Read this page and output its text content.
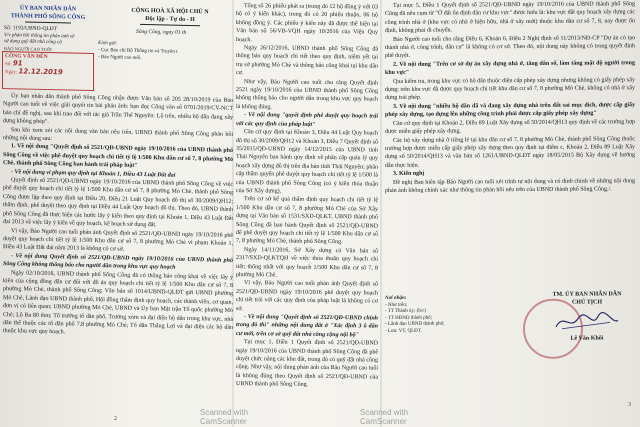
ỦY BAN NHÂN DÂN
THÀNH PHỐ SÔNG CÔNG
CỘNG HOÀ XÃ HỘI CHỦ N
Độc lập - Tự do - H
Số: 1193/UBND-QLĐT
V/v phản hồi thông tin phản ánh về
sử dụng quỹ đất nhà công cộ
Sông Công, ngày 01 th
Kính gửi:
- Cục Báo chí Bộ Thông tin và Truyền t
- Báo Người cao tuổi.
BẢO NGƯỜI CAO TUỔI
CÔNG VĂN ĐẾN
Số: 91
Ngày: 12.12.2019

Ủy ban nhân dân thành phố Sông Công nhận được Văn bản số 205 28/10/2019 của Báo Người cao tuổi về việc giải quyết tin bài phản ánh: bạn đọc Công văn số 0701/2019/CV-NCT báo chí đề nghị, sau khi trao đổi với tác giả Trần Thế Nguyên: Lộ trên, nhiều hộ dân đang xây dựng không phép".

Sau khi xem xét các nội dung văn bản nêu trên, UBND thành phố Sông Công phản hồi những nội dung sau:

1. Về nội dung "Quyết định số 2521/QĐ-UBND ngày 19/10/2016 của UBND thành phố Sông Công về việc phê duyệt quy hoạch chi tiết tỷ lệ 1/500 Khu dân cư số 7, 8 phường Mỏ Chè, thành phố Sông Công ban hành trái pháp luật"

- Về nội dung vi phạm quy định tại Khoản 1, Điều 43 Luật Đất đai

Quyết định số 2521/QĐ-UBND ngày 19/10/2016 của UBND thành phố Sông Công về việc phê duyệt quy hoạch chi tiết tỷ lệ 1/500 Khu dân cư số 7, 8 phường Mỏ Chè, thành phố Sông Công được lập theo quy định tại Điều 20, Điều 21 Luật Quy hoạch đô thị số 30/2009/QH12; thẩm định, phê duyệt theo quy định tại Điều 44 Luật Quy hoạch đô thị. Theo đó, UBND thành phố Sông Công đã thực hiện các bước lấy ý kiến theo quy định tại Khoản 1, Điều 43 Luật Đất đai 2013 về việc lấy ý kiến về quy hoạch, kế hoạch sử dụng đất.

Vì vậy, Báo Người cao tuổi phản ánh Quyết định số 2521/QĐ-UBND ngày 19/10/2016 phê duyệt quy hoạch chi tiết tỷ lệ 1/500 Khu dân cư số 7, 8 phường Mỏ Chè vi phạm Khoản 1, Điều 43 Luật Đất đai năm 2013 là không có cơ sở.

- Về nội dung Quyết định số 2521/QĐ-UBND ngày 19/10/2016 của UBND thành phố Sông Công không thông báo cho người dân trong khu vực quy hoạch

Ngày 02/10/2016, UBND thành phố Sông Công đã có thông báo công khai về việc lấy ý kiến của cộng đồng dân cư đối với đồ án quy hoạch chi tiết tỷ lệ 1/500 Khu dân cư số 7, 8 phường Mỏ Chè, thành phố Sông Công; Văn bản số 1014/UBND-QLĐT gửi UBND phường Mỏ Chè, Lãnh đạo UBND thành phố, Hội đồng thẩm định quy hoạch, các thành viên, cơ quan, đơn vị có liên quan; UBND phường Mỏ Chè, UBND và Ủy ban Mặt trận Tổ quốc phường Mỏ Chè; Lộ Ba 80 thm; Tổ trưởng tổ dân phố, Trưởng xóm và đại diện hộ dân trong khu vực, nhà dân thể thuộc các tổ dân phố 7,8 phường Mỏ Chè; Tổ dân Thắng Lợi và đại diện các hộ dân thuộc khu vực quy hoạch.

Tổng số 26 phiếu phát ra (trong đó 12 hộ đồng ý với 03 hộ có ý kiến khác), trong đó có 20 phiếu thuận, 06 hộ không đồng ý. Các phiếu ý kiến này đã được thể hiện tại Văn bản số 56/VB-VQH ngày 10/2016 của Viện Quy hoạch.

Ngày 26/12/2016, UBND thành phố Sông Công đã thông báo quy hoạch chi tiết theo quy định, niêm yết tại trụ sở phường Mỏ Chè và thông báo công khai tại khu dân cư.

Như vậy, Báo Người cao tuổi cho rằng Quyết định 2521 ngày 19/10/2016 của UBND thành phố Sông Công không thông báo cho người dân trong khu vực quy hoạch là không đúng.

- Về nội dung "quyết định phê duyệt quy hoạch trái với các quy định của pháp luật"

Căn cứ quy định tại Khoản 3, Điều 44 Luật Quy hoạch đô thị số 30/2009/QH12 và Khoản 3, Điều 7 Quyết định số 35/2015/QĐ-UBND ngày 14/12/2015 của UBND tỉnh Thái Nguyên ban hành quy định về phân cấp quản lý quy hoạch xây dựng đô thị trên địa bàn tỉnh Thái Nguyên; phân cấp thẩm quyền phê duyệt quy hoạch chi tiết tỷ lệ 1/500 là của UBND thành phố Sông Công (có ý kiến thỏa thuận của Sở Xây dựng).

Trên cơ sở kế quả thẩm định quy hoạch chi tiết tỷ lệ 1/500 Khu dân cư số 7, 8 phường Mỏ Chè của Sở Xây dựng tại Văn bản số 1531/SXD-QLKT, UBND thành phố Sông Công đã ban hành Quyết định số 2521/QĐ-UBND để phê duyệt quy hoạch chi tiết tỷ lệ 1/500 Khu dân cư số 7, 8 phường Mỏ Chè, thành phố Sông Công.

Ngày 14/11/2016, Sở Xây dựng có Văn bản số 2317/SXD-QLKTQH về việc thỏa thuận quy hoạch chi tiết; thống nhất với quy hoạch 1/500 Khu dân cư số 7, 8 phường Mỏ Chè.

Vì vậy, Báo Người cao tuổi phản ánh Quyết định số 2521/QĐ-UBND ngày 19/10/2016 phê duyệt quy hoạch chi tiết trái với các quy định của pháp luật là không có cơ sở.

- Về nội dung "Quyết định số 2521/QĐ-UBND chính trong đó thi" những nội dung đất ở "Xác định 3 ô dân cư mới, trên cơ sở quỹ đất nhà công cộng nội bộ"

Tại mục 1, Điều 1 Quyết định số 2521/QĐ-UBND ngày 19/10/2016 của UBND thành phố Sông Công đã phê duyệt chức năng các khu đất, trong đó có quỹ đất nhà công cộng. Như vậy, nội dung phản ánh của Báo Người cao tuổi là không đúng theo Quyết định số 2521/QĐ-UBND của UBND thành phố Sông Công.

Tại mục 5, Điều 1 Quyết định số 2521/QĐ-UBND ngày 19/10/2016 của UBND thành phố Sông Công đã nêu cụm từ "Ở đất ổn định dân cư khu vực" được hiểu là: khu vực đất quy hoạch xây dựng các công trình nhà ở (khu vực có nhà ở hiện hữu, nhà ở xây mới) thuộc khu dân cư số 7, 8, nay được ổn định, không phải di chuyển.

Báo Người cao tuổi cho rằng Điều 6, Khoản 6, Điều 2 Nghị định số 11/2013/NĐ-CP "Dự án có tạo thành nhà ở, công trình, dân cư" là không có cơ sở. Theo đó, nội dung này không có trong quyết định phê duyệt.

2. Về nội dung "Trên cơ sở dự án xây dựng nhà ở, tăng dân số, làm tăng mật độ người trong khu vực"

Qua kiểm tra, trong khu vực có hộ dân thuộc diện cấp phép xây dựng nhưng không có giấy phép xây dựng; trên khu vực đã được quy hoạch chi tiết khu dân cư số 7, 8 phường Mỏ Chè, không có nhà ở xây dựng trái phép.

3. Về nội dung "nhiều hộ dân đã và đang xây dựng nhà trên đất sai mục đích, được cấp giấy phép xây dựng, tạo dựng lên những công trình phải được cấp giấy phép xây dựng"

Căn cứ quy định tại Khoản 2, Điều 89 Luật Xây dựng số 50/2014/QH13 quy định về các trường hợp được miễn giấy phép xây dựng.

Các hộ xây dựng nhà ở riêng lẻ tại khu dân cư số 7, 8 phường Mỏ Chè, thành phố Sông Công thuộc trường hợp được miễn cấp giấy phép xây dựng theo quy định tại điểm c, Khoản 2, Điều 89 Luật Xây dựng số 50/2014/QH13 và văn bản số 1261/UBND-QLĐT ngày 18/05/2015 Bộ Xây dựng về hướng dẫn thực hiện.

3. Kiến nghị

Đề nghị Ban biên tập Báo Người cao tuổi xét trình tự nội dung và có đính chính về những nội dung phản ánh không chính xác như thông tin phản hồi nêu trên của UBND thành phố Sông Công./.

Nơi nhận:
- Như trên;
- TT Thành ủy; (b/c)
- TT HĐND thành phố;
- Lãnh đạo UBND thành phố;
- Lưu: VT, QLĐT.
TM. ỦY BAN NHÂN DÂN
CHỦ TỊCH
Lê Văn Khôi
Scanned with
CamScanner
Scanned with
CamScanner
2
3
